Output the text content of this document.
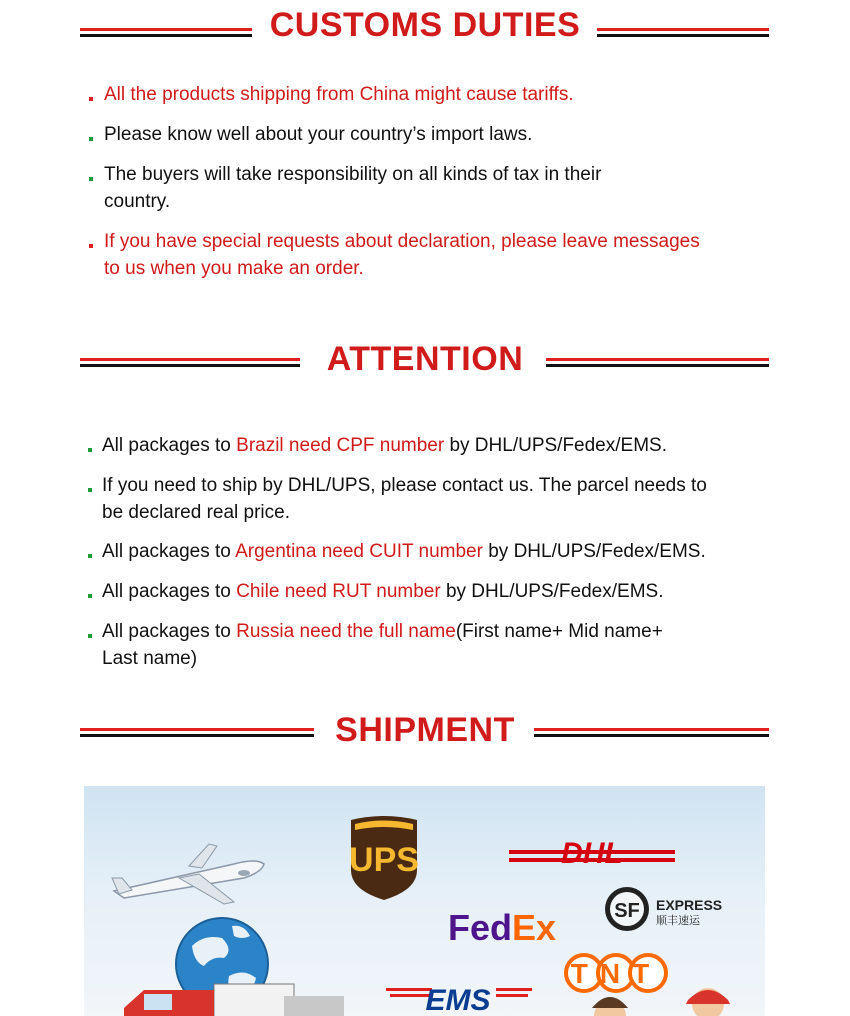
CUSTOMS DUTIES
All the products shipping from China might cause tariffs.
Please know well about your country’s import laws.
The buyers will take responsibility on all kinds of tax in their
country.
If you have special requests about declaration, please leave messages
to us when you make an order.
ATTENTION
All packages to Brazil need CPF number by DHL/UPS/Fedex/EMS.
If you need to ship by DHL/UPS, please contact us. The parcel needs to
be declared real price.
All packages to Argentina need CUIT number by DHL/UPS/Fedex/EMS.
All packages to Chile need RUT number by DHL/UPS/Fedex/EMS.
All packages to Russia need the full name(First name+ Mid name+
Last name)
SHIPMENT
UPS	DHL
SF EXPRESS
顺丰速运
Fed Ex
TNT
EMS
